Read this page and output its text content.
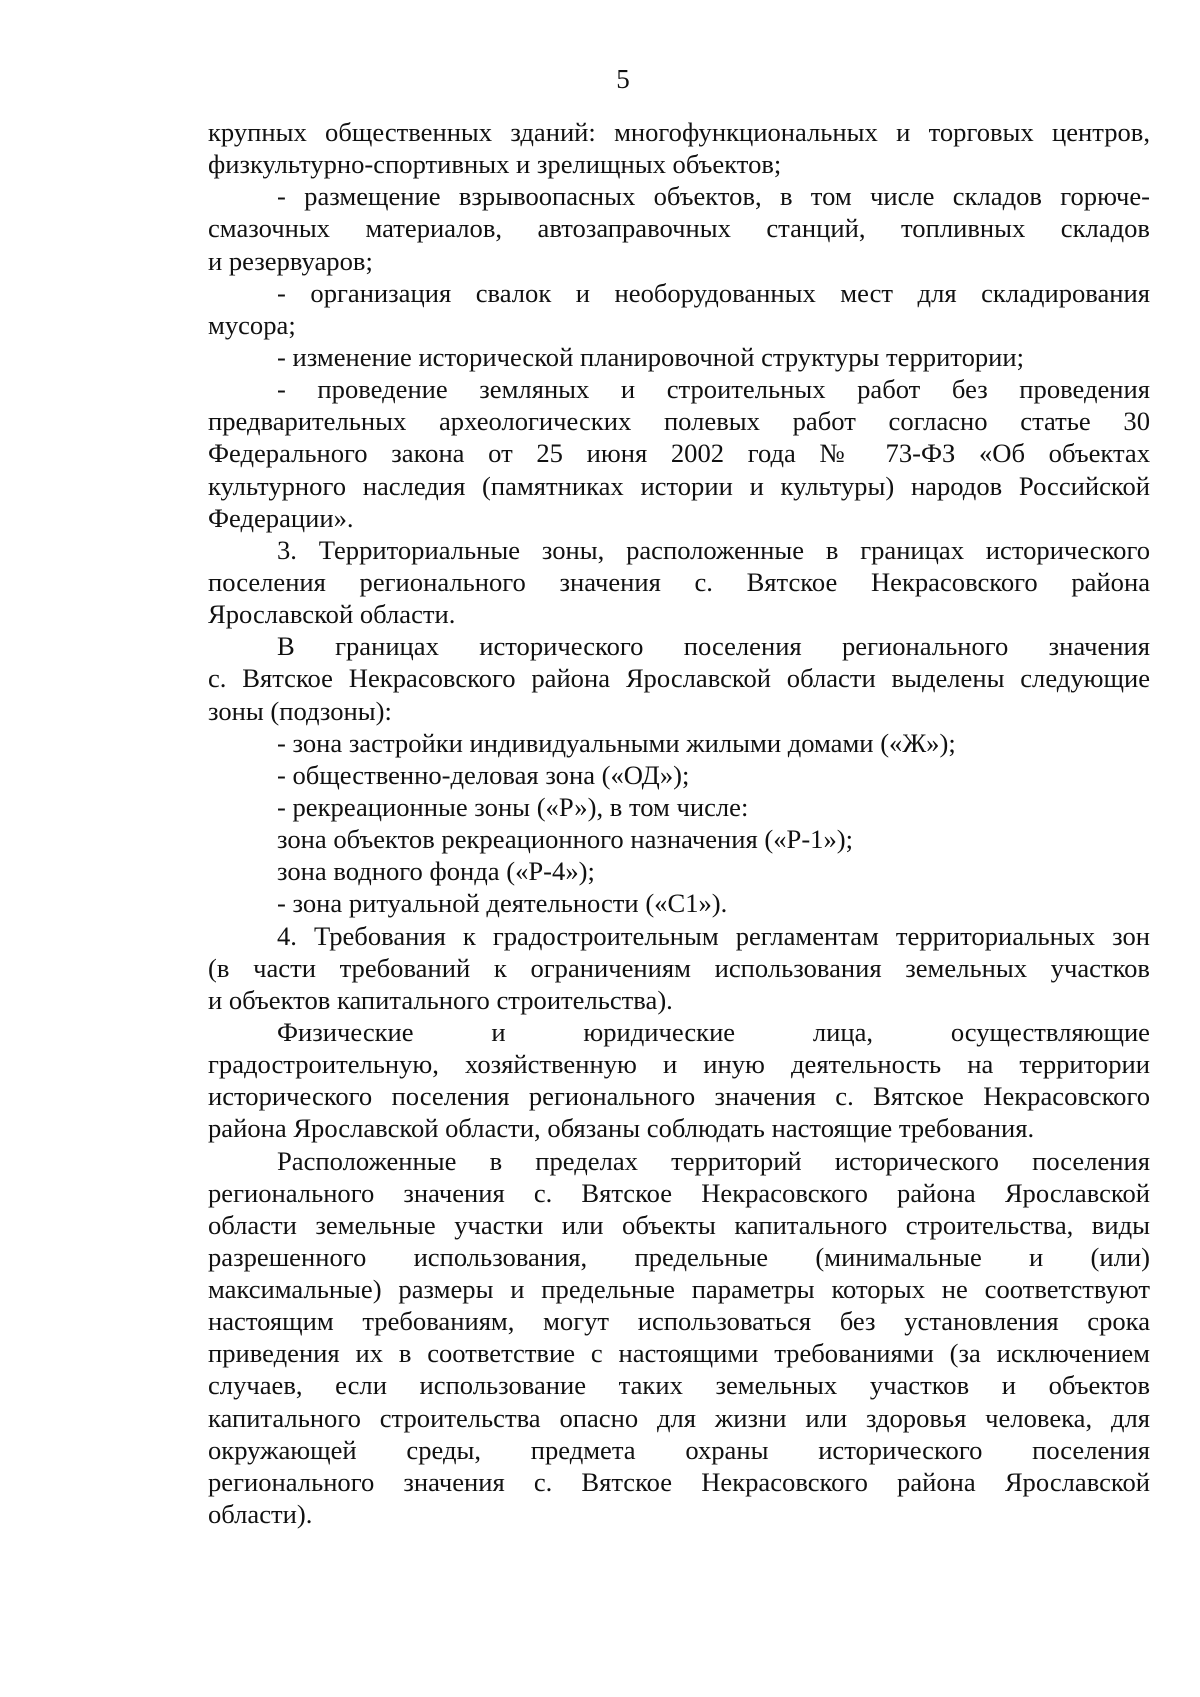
5
крупных общественных зданий: многофункциональных и торговых центров,
физкультурно-спортивных и зрелищных объектов;
- размещение взрывоопасных объектов, в том числе складов горюче-
смазочных материалов, автозаправочных станций, топливных складов
и резервуаров;
- организация свалок и необорудованных мест для складирования
мусора;
- изменение исторической планировочной структуры территории;
- проведение земляных и строительных работ без проведения
предварительных археологических полевых работ согласно статье 30
Федерального закона от 25 июня 2002 года № 73-ФЗ «Об объектах
культурного наследия (памятниках истории и культуры) народов Российской
Федерации».
3. Территориальные зоны, расположенные в границах исторического
поселения регионального значения с. Вятское Некрасовского района
Ярославской области.
В границах исторического поселения регионального значения
с. Вятское Некрасовского района Ярославской области выделены следующие
зоны (подзоны):
- зона застройки индивидуальными жилыми домами («Ж»);
- общественно-деловая зона («ОД»);
- рекреационные зоны («Р»), в том числе:
зона объектов рекреационного назначения («Р-1»);
зона водного фонда («Р-4»);
- зона ритуальной деятельности («С1»).
4. Требования к градостроительным регламентам территориальных зон
(в части требований к ограничениям использования земельных участков
и объектов капитального строительства).
Физические и юридические лица, осуществляющие
градостроительную, хозяйственную и иную деятельность на территории
исторического поселения регионального значения с. Вятское Некрасовского
района Ярославской области, обязаны соблюдать настоящие требования.
Расположенные в пределах территорий исторического поселения
регионального значения с. Вятское Некрасовского района Ярославской
области земельные участки или объекты капитального строительства, виды
разрешенного использования, предельные (минимальные и (или)
максимальные) размеры и предельные параметры которых не соответствуют
настоящим требованиям, могут использоваться без установления срока
приведения их в соответствие с настоящими требованиями (за исключением
случаев, если использование таких земельных участков и объектов
капитального строительства опасно для жизни или здоровья человека, для
окружающей среды, предмета охраны исторического поселения
регионального значения с. Вятское Некрасовского района Ярославской
области).
